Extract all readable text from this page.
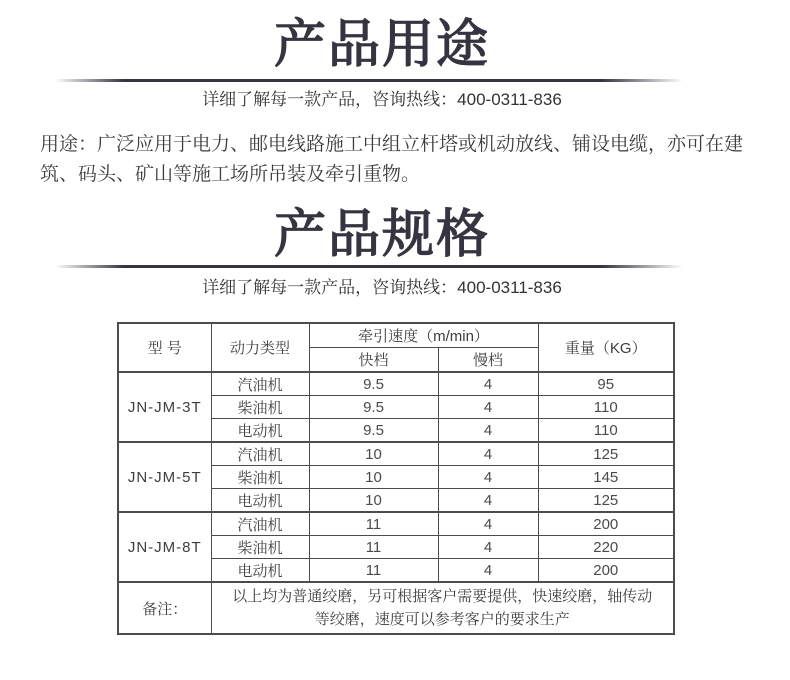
产品用途
详细了解每一款产品，咨询热线：400-0311-836
用途：广泛应用于电力、邮电线路施工中组立杆塔或机动放线、铺设电缆，亦可在建筑、码头、矿山等施工场所吊装及牵引重物。
产品规格
详细了解每一款产品，咨询热线：400-0311-836
型 号	动力类型	牵引速度（m/min）		重量（KG）
		快档	慢档	
JN-JM-3T	汽油机	9.5	4	95
	柴油机	9.5	4	110
	电动机	9.5	4	110
JN-JM-5T	汽油机	10	4	125
	柴油机	10	4	145
	电动机	10	4	125
JN-JM-8T	汽油机	11	4	200
	柴油机	11	4	220
	电动机	11	4	200
备注：	以上均为普通绞磨，另可根据客户需要提供，快速绞磨，轴传动
等绞磨，速度可以参考客户的要求生产			
